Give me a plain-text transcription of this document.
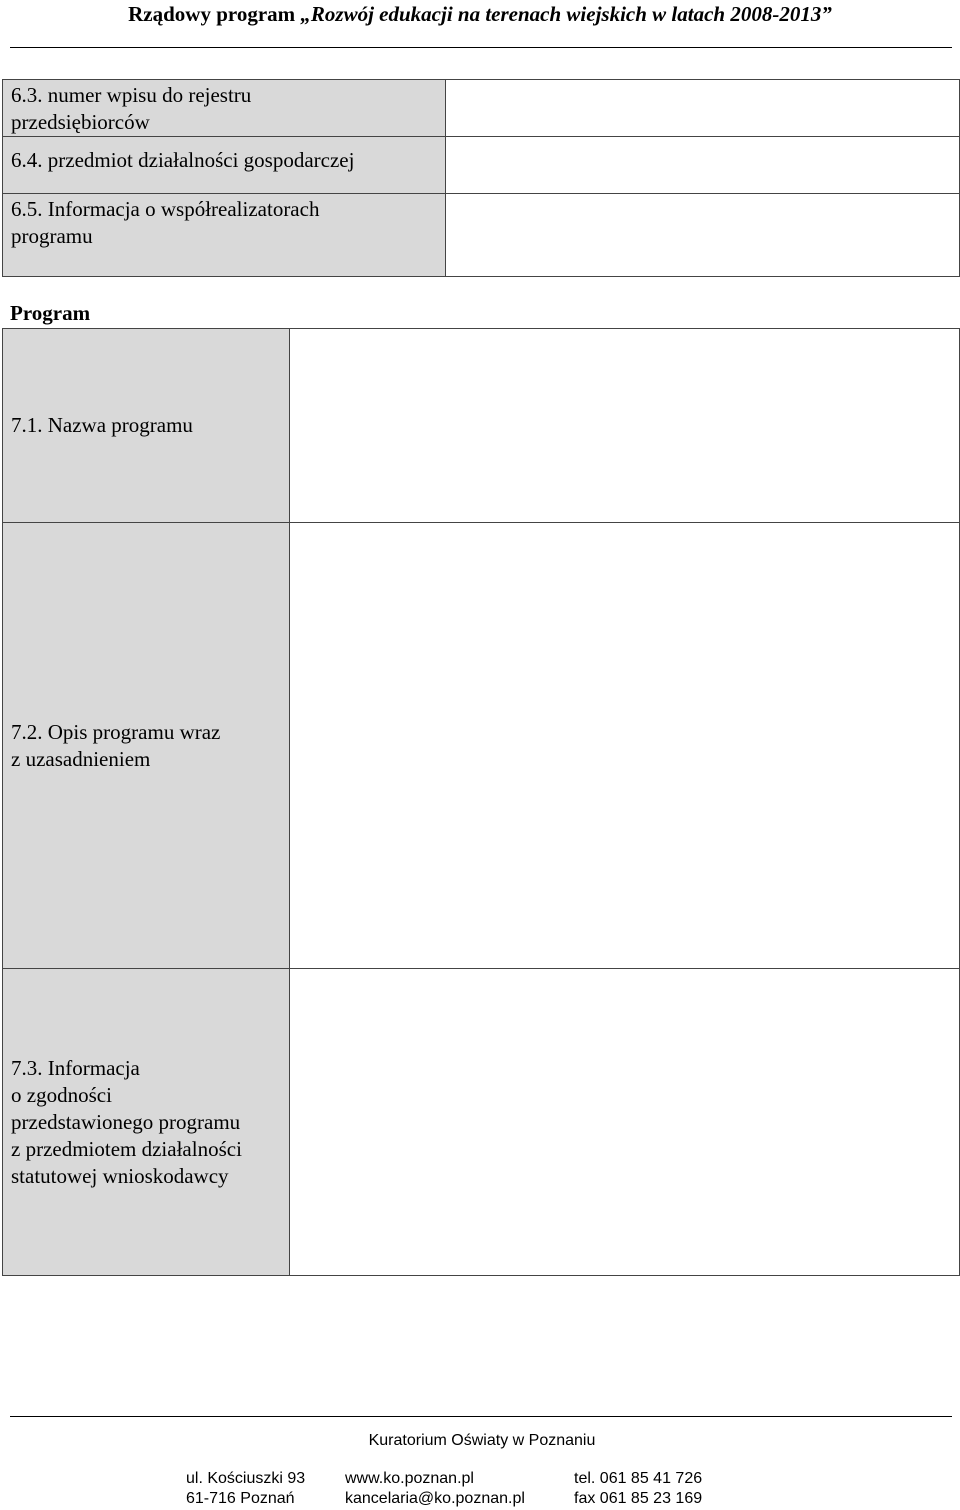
Rządowy program „Rozwój edukacji na terenach wiejskich w latach 2008-2013”
6.3. numer wpisu do rejestru
przedsiębiorców	

6.4. przedmiot działalności gospodarczej	

6.5. Informacja o współrealizatorach
programu	

Program
7.1. Nazwa programu	

7.2. Opis programu wraz
z uzasadnieniem	

7.3. Informacja
o zgodności
przedstawionego programu
z przedmiotem działalności
statutowej wnioskodawcy	

Kuratorium Oświaty w Poznaniu
ul. Kościuszki 93
61-716 Poznań
www.ko.poznan.pl
kancelaria@ko.poznan.pl
tel. 061 85 41 726
fax 061 85 23 169
